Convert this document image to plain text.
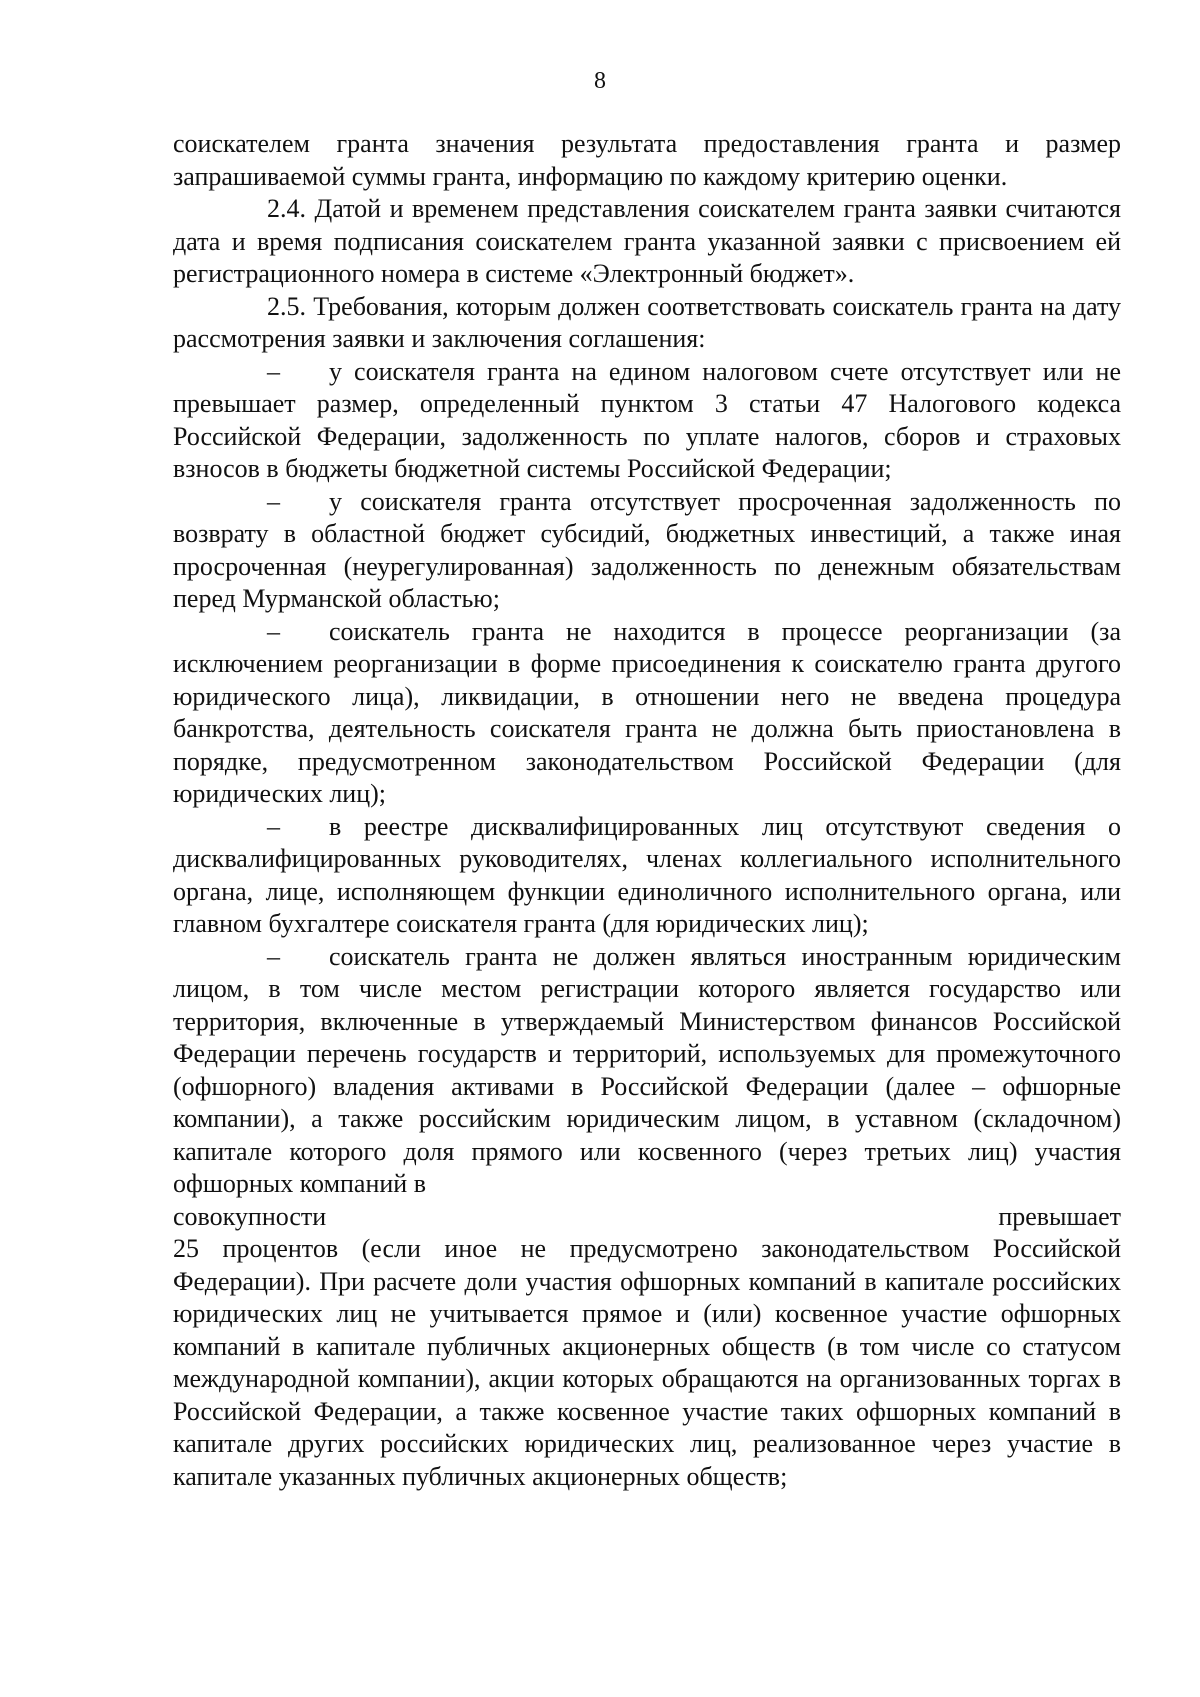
8

соискателем гранта значения результата предоставления гранта и размер запрашиваемой суммы гранта, информацию по каждому критерию оценки.

2.4. Датой и временем представления соискателем гранта заявки считаются дата и время подписания соискателем гранта указанной заявки с присвоением ей регистрационного номера в системе «Электронный бюджет».

2.5. Требования, которым должен соответствовать соискатель гранта на дату рассмотрения заявки и заключения соглашения:

– у соискателя гранта на едином налоговом счете отсутствует или не превышает размер, определенный пунктом 3 статьи 47 Налогового кодекса Российской Федерации, задолженность по уплате налогов, сборов и страховых взносов в бюджеты бюджетной системы Российской Федерации;

– у соискателя гранта отсутствует просроченная задолженность по возврату в областной бюджет субсидий, бюджетных инвестиций, а также иная просроченная (неурегулированная) задолженность по денежным обязательствам перед Мурманской областью;

– соискатель гранта не находится в процессе реорганизации (за исключением реорганизации в форме присоединения к соискателю гранта другого юридического лица), ликвидации, в отношении него не введена процедура банкротства, деятельность соискателя гранта не должна быть приостановлена в порядке, предусмотренном законодательством Российской Федерации (для юридических лиц);

– в реестре дисквалифицированных лиц отсутствуют сведения о дисквалифицированных руководителях, членах коллегиального исполнительного органа, лице, исполняющем функции единоличного исполнительного органа, или главном бухгалтере соискателя гранта (для юридических лиц);

– соискатель гранта не должен являться иностранным юридическим лицом, в том числе местом регистрации которого является государство или территория, включенные в утверждаемый Министерством финансов Российской Федерации перечень государств и территорий, используемых для промежуточного (офшорного) владения активами в Российской Федерации (далее – офшорные компании), а также российским юридическим лицом, в уставном (складочном) капитале которого доля прямого или косвенного (через третьих лиц) участия офшорных компаний в

совокупности	превышает

25 процентов (если иное не предусмотрено законодательством Российской Федерации). При расчете доли участия офшорных компаний в капитале российских юридических лиц не учитывается прямое и (или) косвенное участие офшорных компаний в капитале публичных акционерных обществ (в том числе со статусом международной компании), акции которых обращаются на организованных торгах в Российской Федерации, а также косвенное участие таких офшорных компаний в капитале других российских юридических лиц, реализованное через участие в капитале указанных публичных акционерных обществ;
